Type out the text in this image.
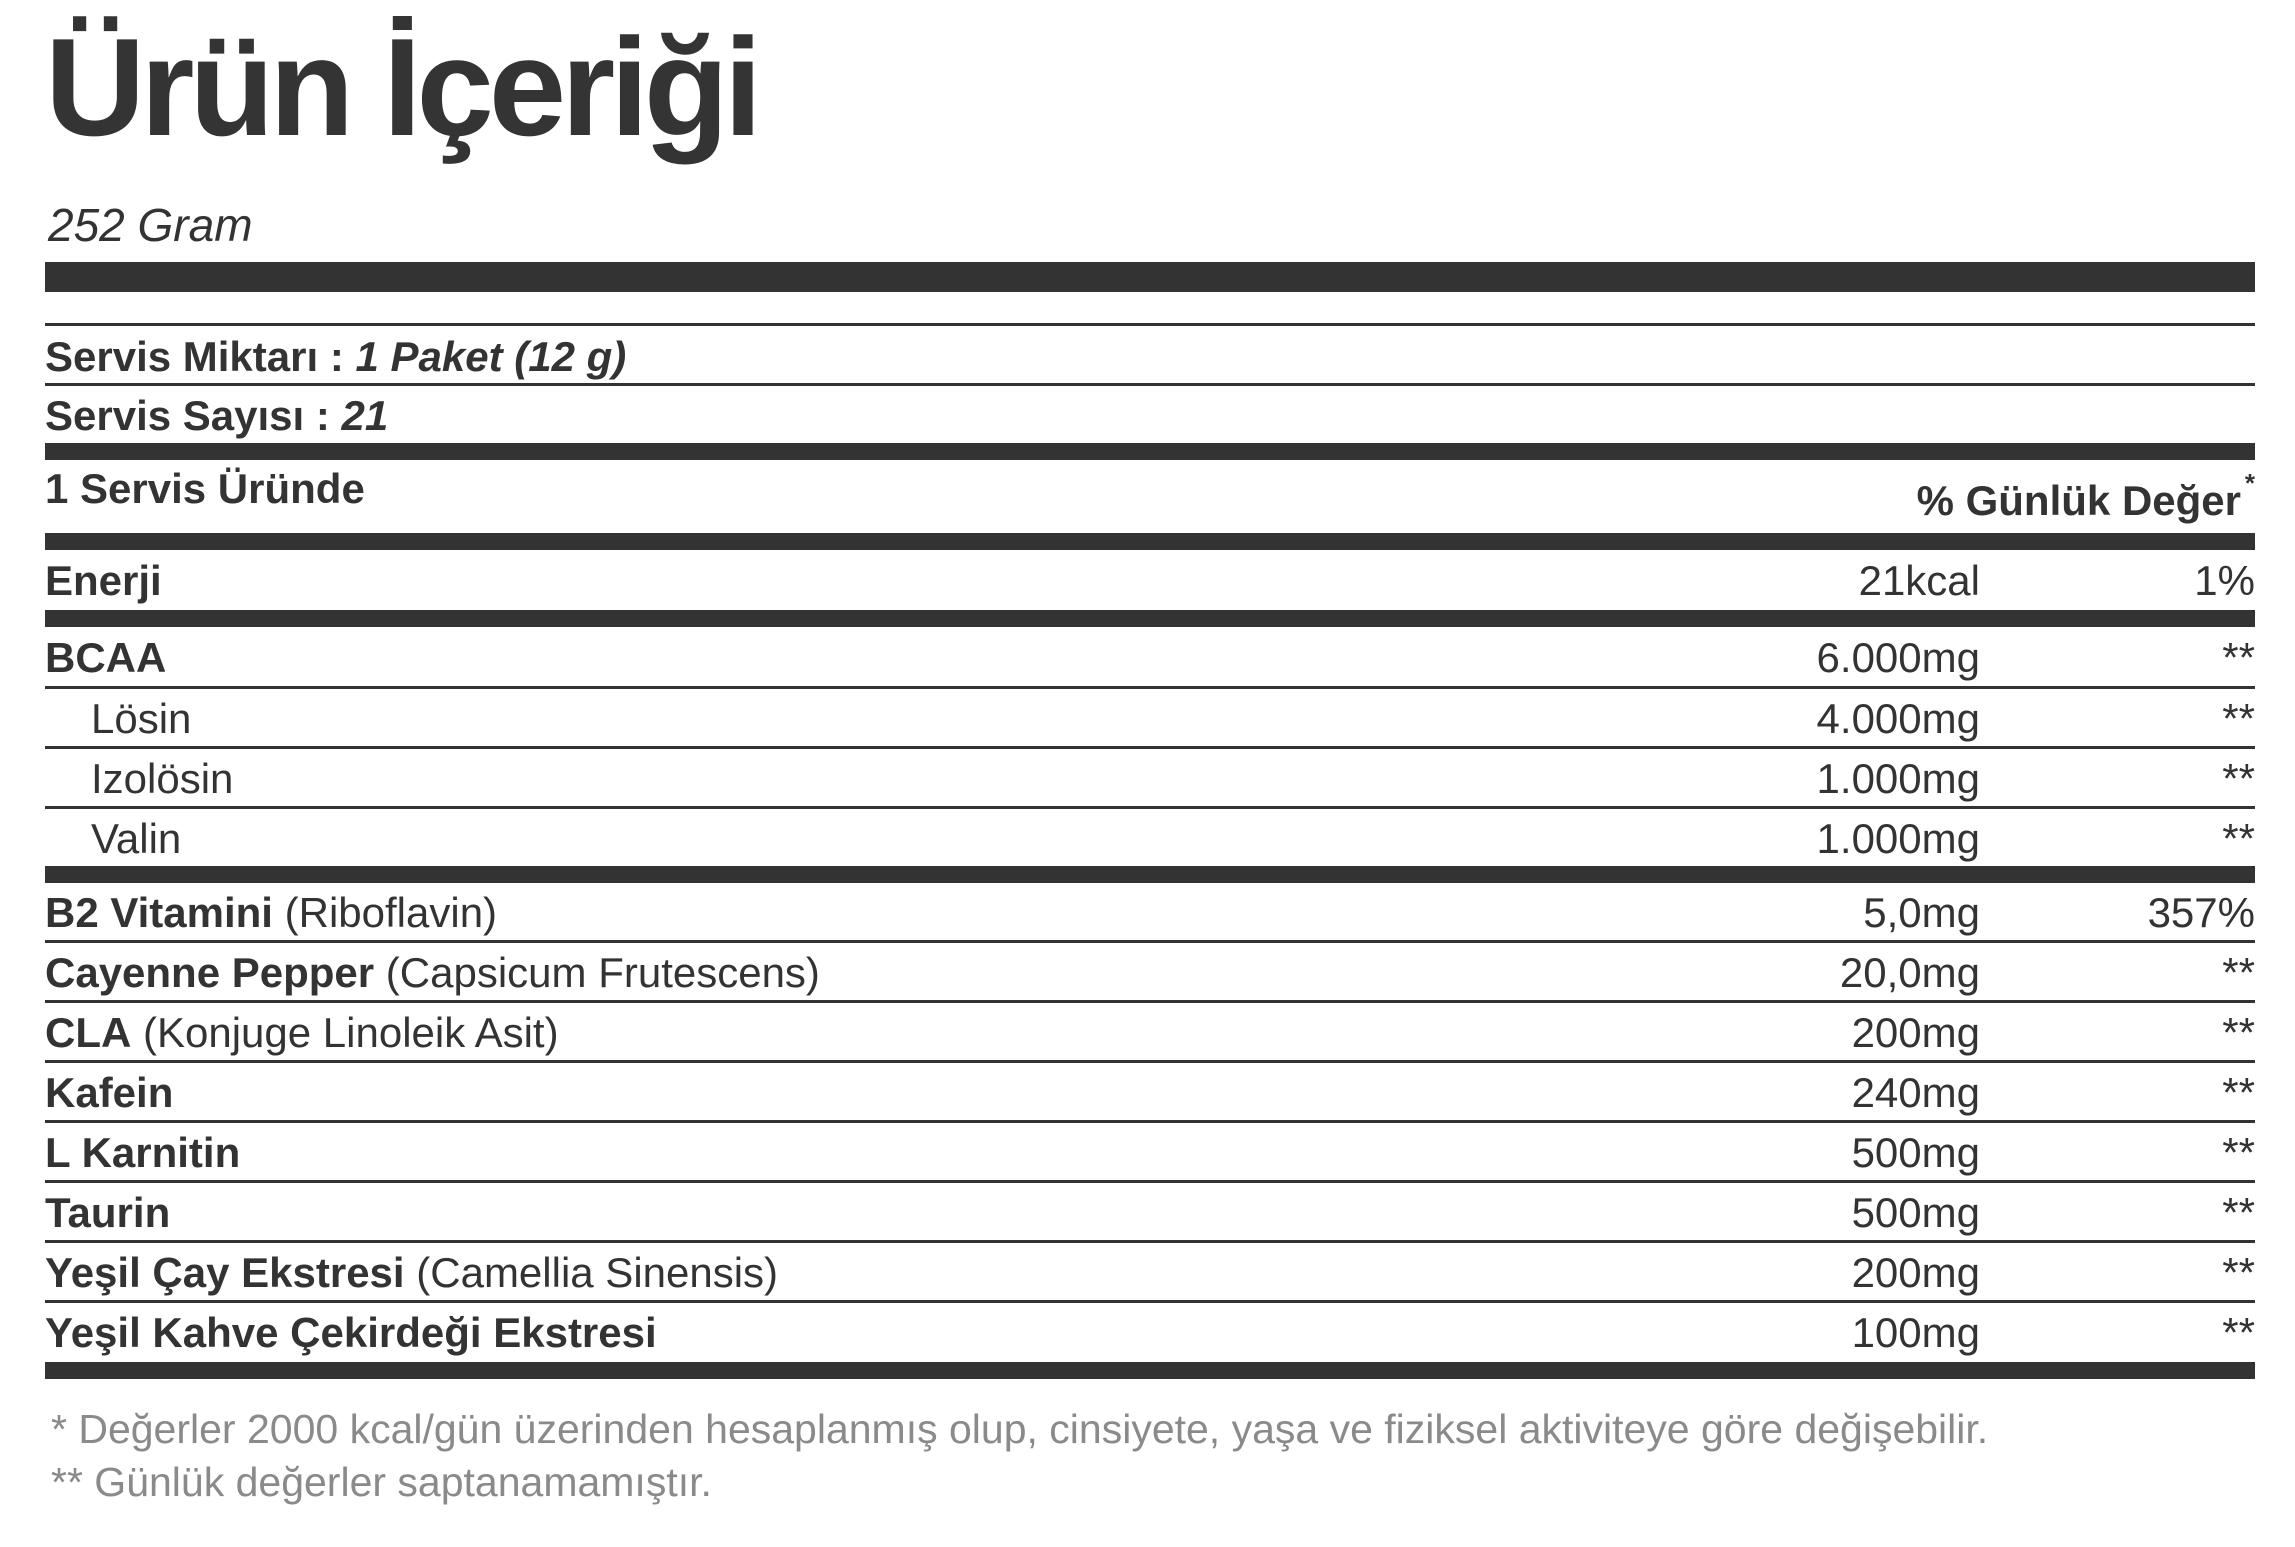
Ürün İçeriği
252 Gram
Servis Miktarı : 1 Paket (12 g)
Servis Sayısı : 21
1 Servis Üründe	% Günlük Değer *
Enerji	21kcal	1%
BCAA	6.000mg	**
Lösin	4.000mg	**
Izolösin	1.000mg	**
Valin	1.000mg	**
B2 Vitamini (Riboflavin)	5,0mg	357%
Cayenne Pepper (Capsicum Frutescens)	20,0mg	**
CLA (Konjuge Linoleik Asit)	200mg	**
Kafein	240mg	**
L Karnitin	500mg	**
Taurin	500mg	**
Yeşil Çay Ekstresi (Camellia Sinensis)	200mg	**
Yeşil Kahve Çekirdeği Ekstresi	100mg	**
* Değerler 2000 kcal/gün üzerinden hesaplanmış olup, cinsiyete, yaşa ve fiziksel aktiviteye göre değişebilir.
** Günlük değerler saptanamamıştır.
